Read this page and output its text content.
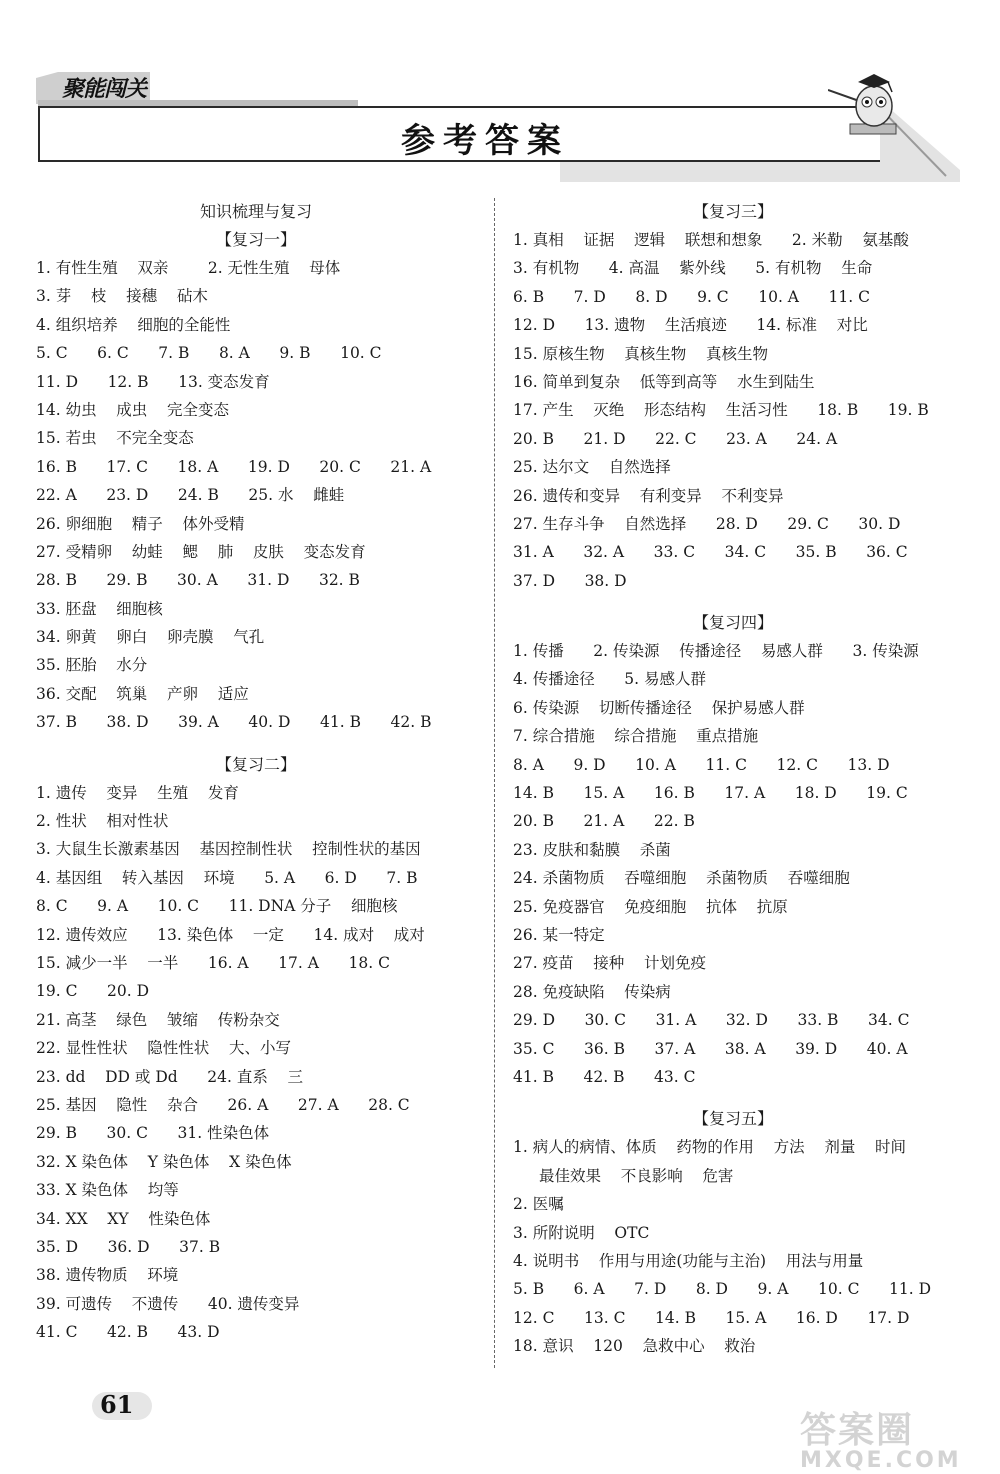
聚能闯关
参考答案
知识梳理与复习
【复习一】
1. 有性生殖    双亲        2. 无性生殖    母体
3. 芽    枝    接穗    砧木
4. 组织培养    细胞的全能性
5. C      6. C      7. B      8. A      9. B      10. C
11. D      12. B      13. 变态发育
14. 幼虫    成虫    完全变态
15. 若虫    不完全变态
16. B      17. C      18. A      19. D      20. C      21. A
22. A      23. D      24. B      25. 水    雌蛙
26. 卵细胞    精子    体外受精
27. 受精卵    幼蛙    鳃    肺    皮肤    变态发育
28. B      29. B      30. A      31. D      32. B
33. 胚盘    细胞核
34. 卵黄    卵白    卵壳膜    气孔
35. 胚胎    水分
36. 交配    筑巢    产卵    适应
37. B      38. D      39. A      40. D      41. B      42. B
【复习二】
1. 遗传    变异    生殖    发育
2. 性状    相对性状
3. 大鼠生长激素基因    基因控制性状    控制性状的基因
4. 基因组    转入基因    环境      5. A      6. D      7. B
8. C      9. A      10. C      11. DNA 分子    细胞核
12. 遗传效应      13. 染色体    一定      14. 成对    成对
15. 减少一半    一半      16. A      17. A      18. C
19. C      20. D
21. 高茎    绿色    皱缩    传粉杂交
22. 显性性状    隐性性状    大、小写
23. dd    DD 或 Dd      24. 直系    三
25. 基因    隐性    杂合      26. A      27. A      28. C
29. B      30. C      31. 性染色体
32. X 染色体    Y 染色体    X 染色体
33. X 染色体    均等
34. XX    XY    性染色体
35. D      36. D      37. B
38. 遗传物质    环境
39. 可遗传    不遗传      40. 遗传变异
41. C      42. B      43. D
【复习三】
1. 真相    证据    逻辑    联想和想象      2. 米勒    氨基酸
3. 有机物      4. 高温    紫外线      5. 有机物    生命
6. B      7. D      8. D      9. C      10. A      11. C
12. D      13. 遗物    生活痕迹      14. 标准    对比
15. 原核生物    真核生物    真核生物
16. 简单到复杂    低等到高等    水生到陆生
17. 产生    灭绝    形态结构    生活习性      18. B      19. B
20. B      21. D      22. C      23. A      24. A
25. 达尔文    自然选择
26. 遗传和变异    有利变异    不利变异
27. 生存斗争    自然选择      28. D      29. C      30. D
31. A      32. A      33. C      34. C      35. B      36. C
37. D      38. D
【复习四】
1. 传播      2. 传染源    传播途径    易感人群      3. 传染源
4. 传播途径      5. 易感人群
6. 传染源    切断传播途径    保护易感人群
7. 综合措施    综合措施    重点措施
8. A      9. D      10. A      11. C      12. C      13. D
14. B      15. A      16. B      17. A      18. D      19. C
20. B      21. A      22. B
23. 皮肤和黏膜    杀菌
24. 杀菌物质    吞噬细胞    杀菌物质    吞噬细胞
25. 免疫器官    免疫细胞    抗体    抗原
26. 某一特定
27. 疫苗    接种    计划免疫
28. 免疫缺陷    传染病
29. D      30. C      31. A      32. D      33. B      34. C
35. C      36. B      37. A      38. A      39. D      40. A
41. B      42. B      43. C
【复习五】
1. 病人的病情、体质    药物的作用    方法    剂量    时间
最佳效果    不良影响    危害
2. 医嘱
3. 所附说明    OTC
4. 说明书    作用与用途(功能与主治)    用法与用量
5. B      6. A      7. D      8. D      9. A      10. C      11. D
12. C      13. C      14. B      15. A      16. D      17. D
18. 意识    120    急救中心    救治
61
答案圈
MXQE.COM
